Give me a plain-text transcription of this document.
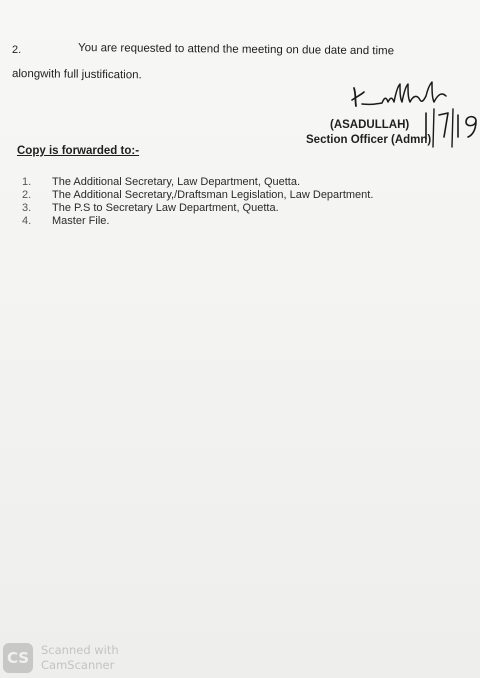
2.	You are requested to attend the meeting on due date and time
alongwith full justification.
(ASADULLAH)
Section Officer (Admn)
Copy is forwarded to:-
1. The Additional Secretary, Law Department, Quetta.
2. The Additional Secretary,/Draftsman Legislation, Law Department.
3. The P.S to Secretary Law Department, Quetta.
4. Master File.
CS	Scanned with
CamScanner
